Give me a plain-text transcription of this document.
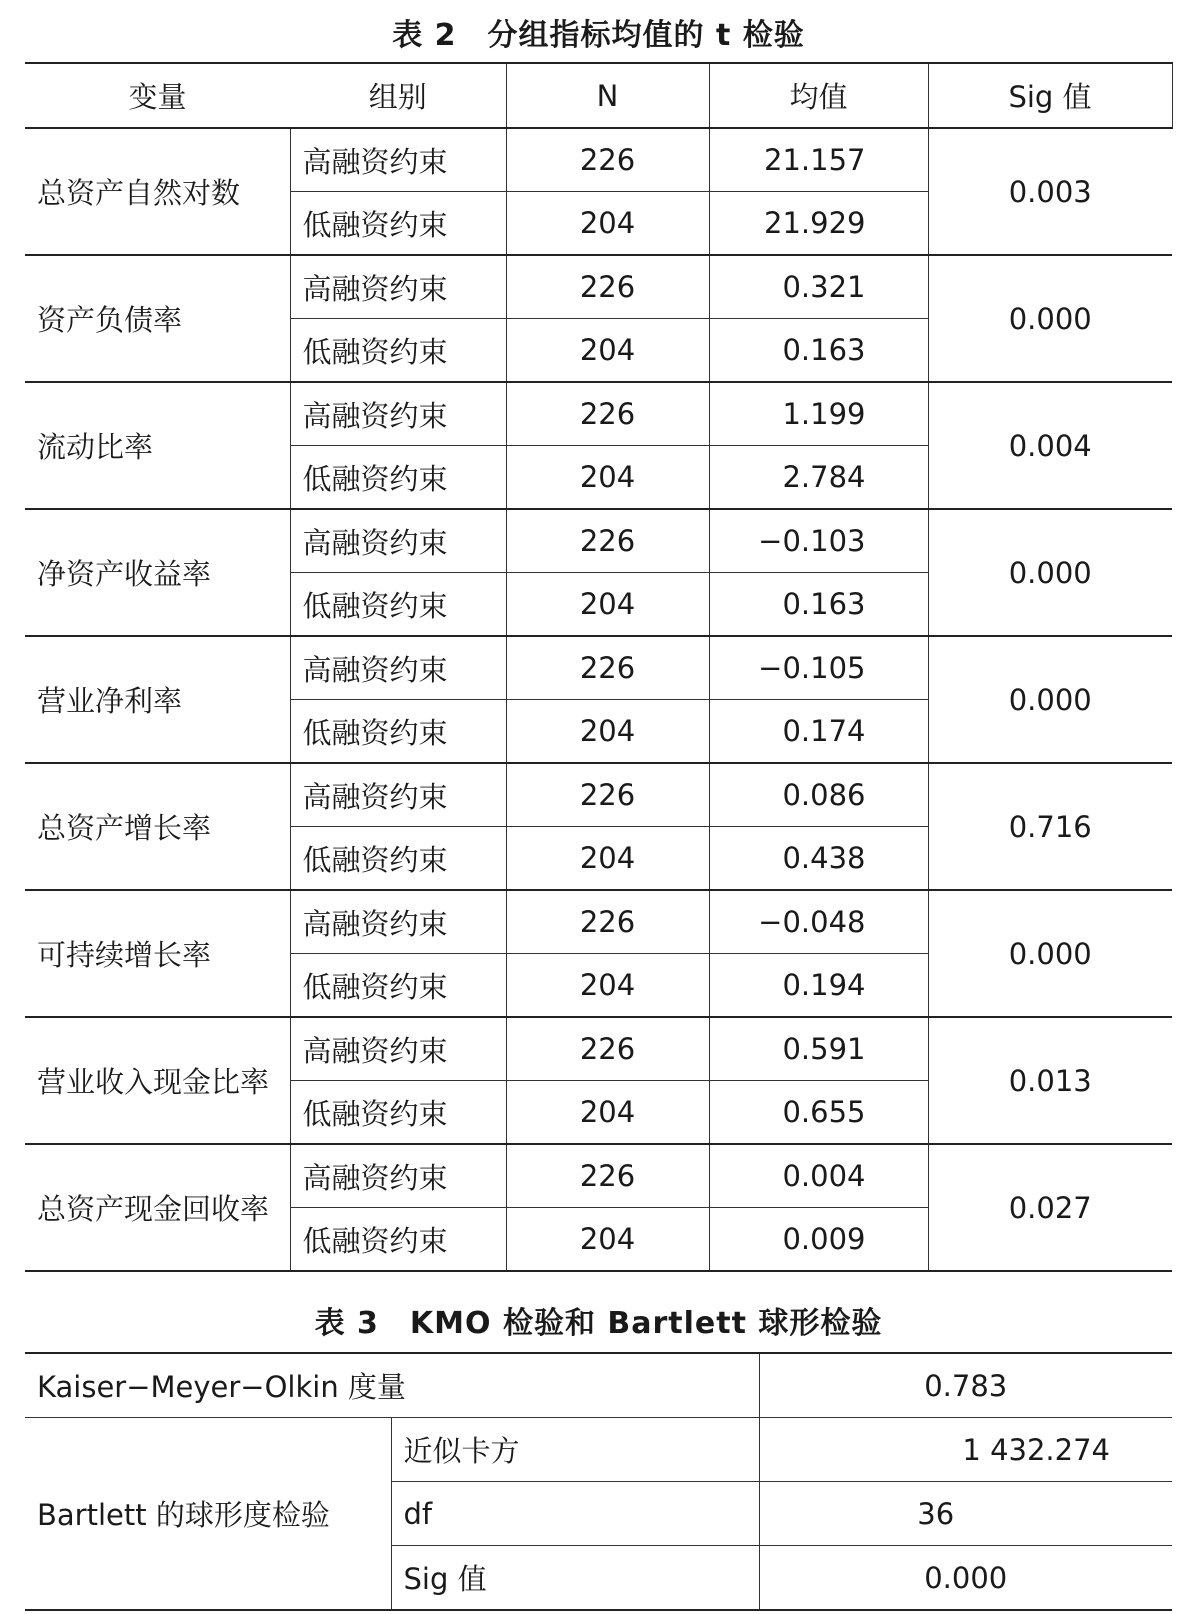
表 2　分组指标均值的 t 检验
变量	组别	N	均值	Sig 值
总资产自然对数	高融资约束	226	21.157	0.003
	低融资约束	204	21.929	
资产负债率	高融资约束	226	0.321	0.000
	低融资约束	204	0.163	
流动比率	高融资约束	226	1.199	0.004
	低融资约束	204	2.784	
净资产收益率	高融资约束	226	−0.103	0.000
	低融资约束	204	0.163	
营业净利率	高融资约束	226	−0.105	0.000
	低融资约束	204	0.174	
总资产增长率	高融资约束	226	0.086	0.716
	低融资约束	204	0.438	
可持续增长率	高融资约束	226	−0.048	0.000
	低融资约束	204	0.194	
营业收入现金比率	高融资约束	226	0.591	0.013
	低融资约束	204	0.655	
总资产现金回收率	高融资约束	226	0.004	0.027
	低融资约束	204	0.009	
表 3　KMO 检验和 Bartlett 球形检验
Kaiser−Meyer−Olkin 度量		0.783
Bartlett 的球形度检验	近似卡方	1 432.274
	df	36
	Sig 值	0.000
